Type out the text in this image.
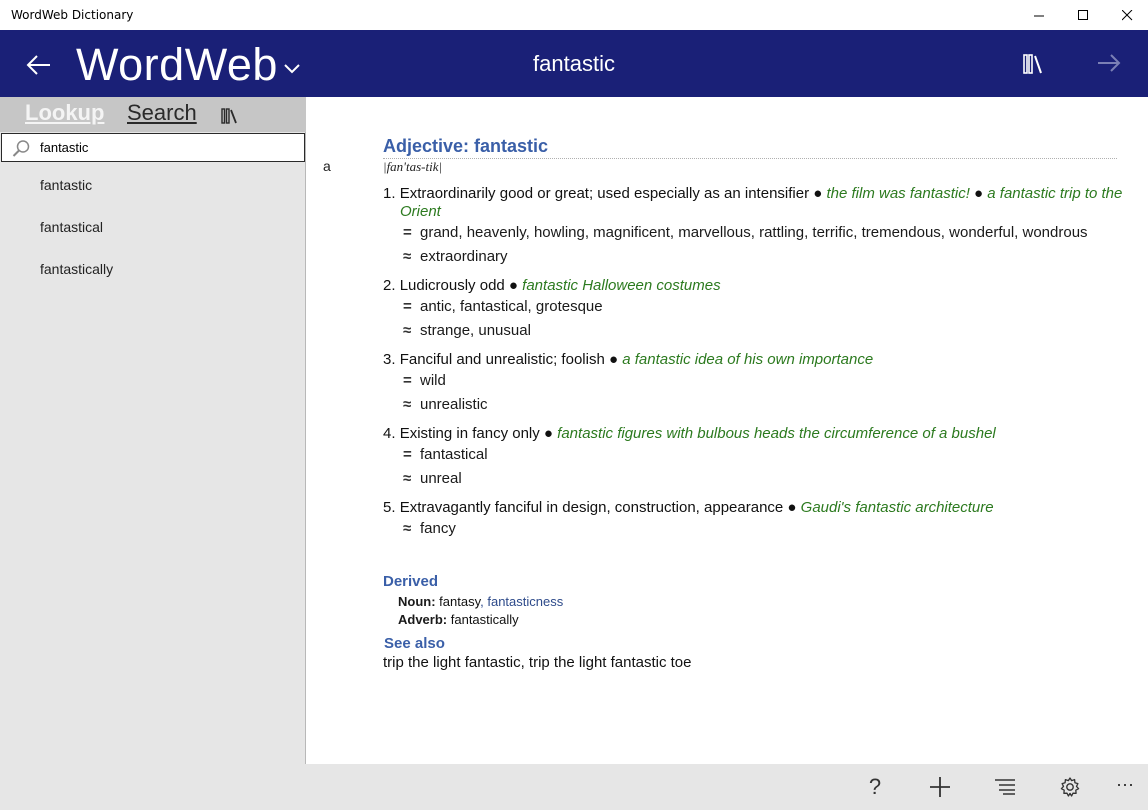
WordWeb Dictionary
WordWeb	fantastic
Lookup Search
fantastic
fantastic
fantastical
fantastically
a
Adjective: fantastic
|fan'tas-tik|
1. Extraordinarily good or great; used especially as an intensifier ● the film was fantastic! ● a fantastic trip to the Orient
= grand, heavenly, howling, magnificent, marvellous, rattling, terrific, tremendous, wonderful, wondrous
≈ extraordinary
2. Ludicrously odd ● fantastic Halloween costumes
= antic, fantastical, grotesque
≈ strange, unusual
3. Fanciful and unrealistic; foolish ● a fantastic idea of his own importance
= wild
≈ unrealistic
4. Existing in fancy only ● fantastic figures with bulbous heads the circumference of a bushel
= fantastical
≈ unreal
5. Extravagantly fanciful in design, construction, appearance ● Gaudi's fantastic architecture
≈ fancy
Derived
Noun: fantasy, fantasticness
Adverb: fantastically
See also
trip the light fantastic, trip the light fantastic toe
?	⋯
